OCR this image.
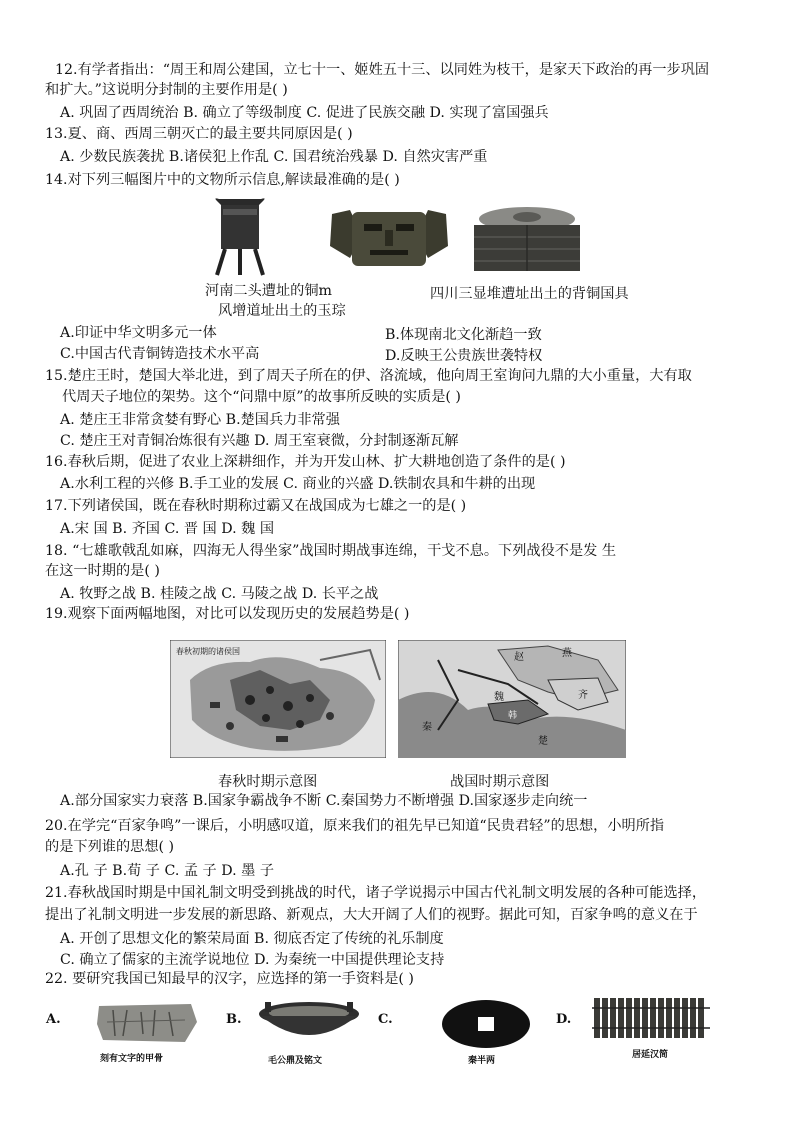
12.有学者指出：“周王和周公建国，立七十一、姬姓五十三、以同姓为枝干，是家天下政治的再一步巩固
和扩大。”这说明分封制的主要作用是( )
A. 巩固了西周统治 B. 确立了等级制度 C. 促进了民族交融 D. 实现了富国强兵
13.夏、商、西周三朝灭亡的最主要共同原因是( )
A. 少数民族袭扰 B.诸侯犯上作乱 C. 国君统治残暴 D. 自然灾害严重
14.对下列三幅图片中的文物所示信息,解读最准确的是( )
河南二头遭址的铜m	四川三显堆遭址出土的背铜国具
风增道址出土的玉琮
A.印证中华文明多元一体	B.体现南北文化渐趋一致
C.中国古代青铜铸造技术水平高	D.反映王公贵族世袭特权
15.楚庄王时，楚国大举北进，到了周天子所在的伊、洛流域，他向周王室询问九鼎的大小重量，大有取
代周天子地位的架势。这个“问鼎中原”的故事所反映的实质是( )
A. 楚庄王非常贪婪有野心 B.楚国兵力非常强
C. 楚庄王对青铜冶炼很有兴趣 D. 周王室衰微，分封制逐渐瓦解
16.春秋后期，促进了农业上深耕细作，并为开发山林、扩大耕地创造了条件的是( )
A.水利工程的兴修 B.手工业的发展 C. 商业的兴盛 D.铁制农具和牛耕的出现
17.下列诸侯国，既在春秋时期称过霸又在战国成为七雄之一的是( )
A.宋 国 B. 齐国 C. 晋 国 D. 魏 国
18. “七雄歌戟乱如麻，四海无人得坐家”战国时期战事连绵，干戈不息。下列战役不是发 生
在这一时期的是( )
A. 牧野之战 B. 桂陵之战 C. 马陵之战 D. 长平之战
19.观察下面两幅地图，对比可以发现历史的发展趋势是( )
春秋初期的诸侯国
赵	燕
齐
魏
韩
秦
楚
春秋时期示意图	战国时期示意图
A.部分国家实力衰落 B.国家争霸战争不断 C.秦国势力不断增强 D.国家逐步走向统一
20.在学完“百家争鸣”一课后，小明感叹道，原来我们的祖先早已知道“民贵君轻”的思想，小明所指
的是下列谁的思想( )
A.孔 子 B.荀 子 C. 孟 子 D. 墨 子
21.春秋战国时期是中国礼制文明受到挑战的时代，诸子学说揭示中国古代礼制文明发展的各种可能选择，
提出了礼制文明进一步发展的新思路、新观点，大大开阔了人们的视野。据此可知，百家争鸣的意义在于
A. 开创了思想文化的繁荣局面 B. 彻底否定了传统的礼乐制度
C. 确立了儒家的主流学说地位 D. 为秦统一中国提供理论支持
22. 要研究我国已知最早的汉字，应选择的第一手资料是( )
A.
刻有文字的甲骨
B.
毛公鼎及铭文
C.
秦半两
D.
居延汉简
